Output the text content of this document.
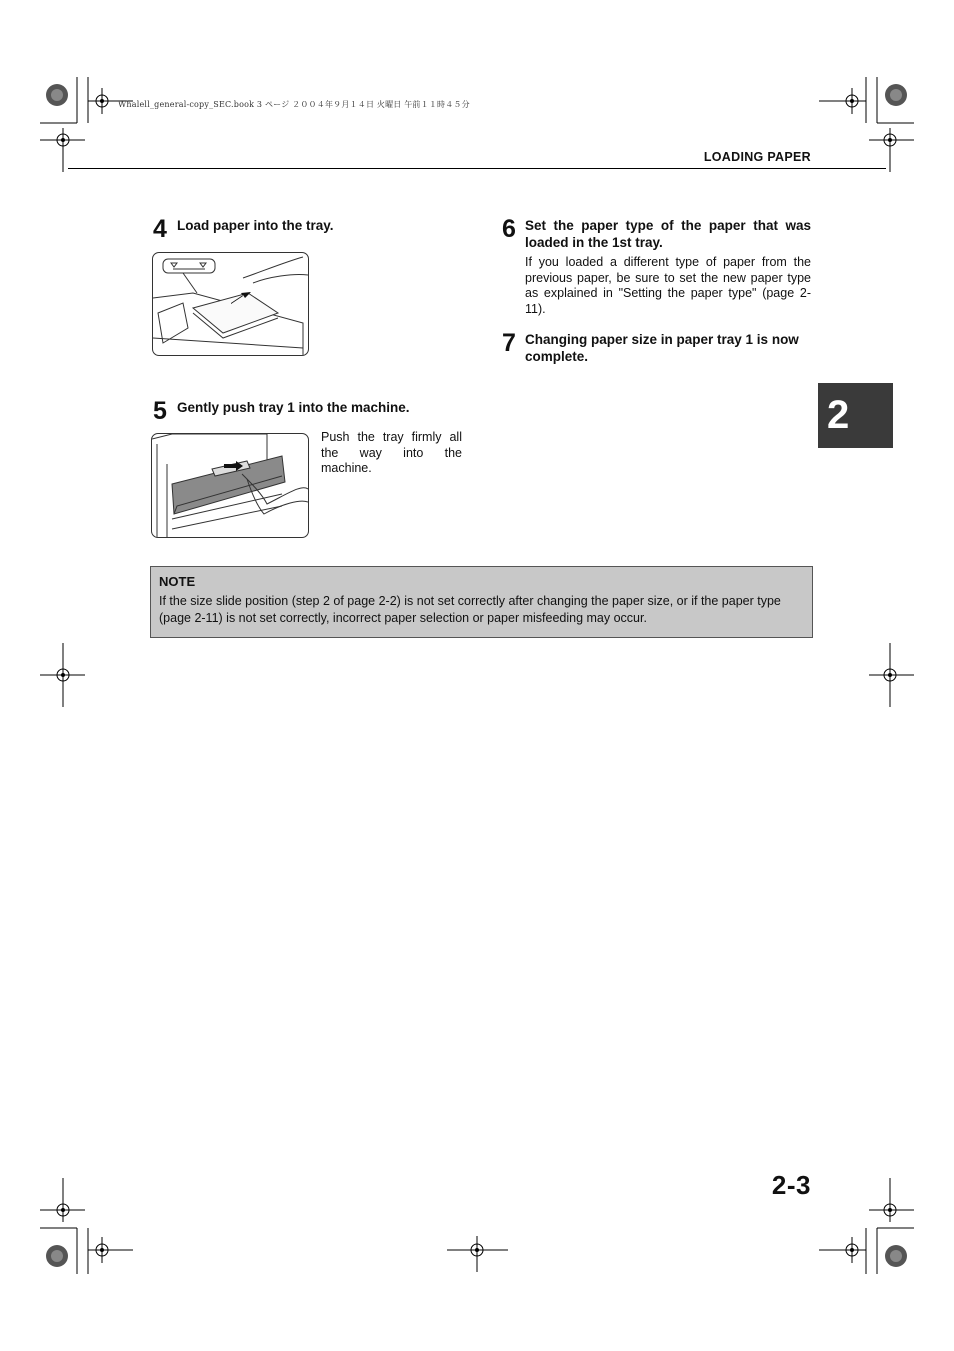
Whalell_general-copy_SEC.book 3 ページ ２００４年９月１４日 火曜日 午前１１時４５分
LOADING PAPER
4 Load paper into the tray.
5 Gently push tray 1 into the machine.
Push the tray firmly all the way into the machine.
6 Set the paper type of the paper that was loaded in the 1st tray.
If you loaded a different type of paper from the previous paper, be sure to set the new paper type as explained in "Setting the paper type" (page 2-11).
7 Changing paper size in paper tray 1 is now complete.
2
NOTE
If the size slide position (step 2 of page 2-2) is not set correctly after changing the paper size, or if the paper type (page 2-11) is not set correctly, incorrect paper selection or paper misfeeding may occur.
2-3
